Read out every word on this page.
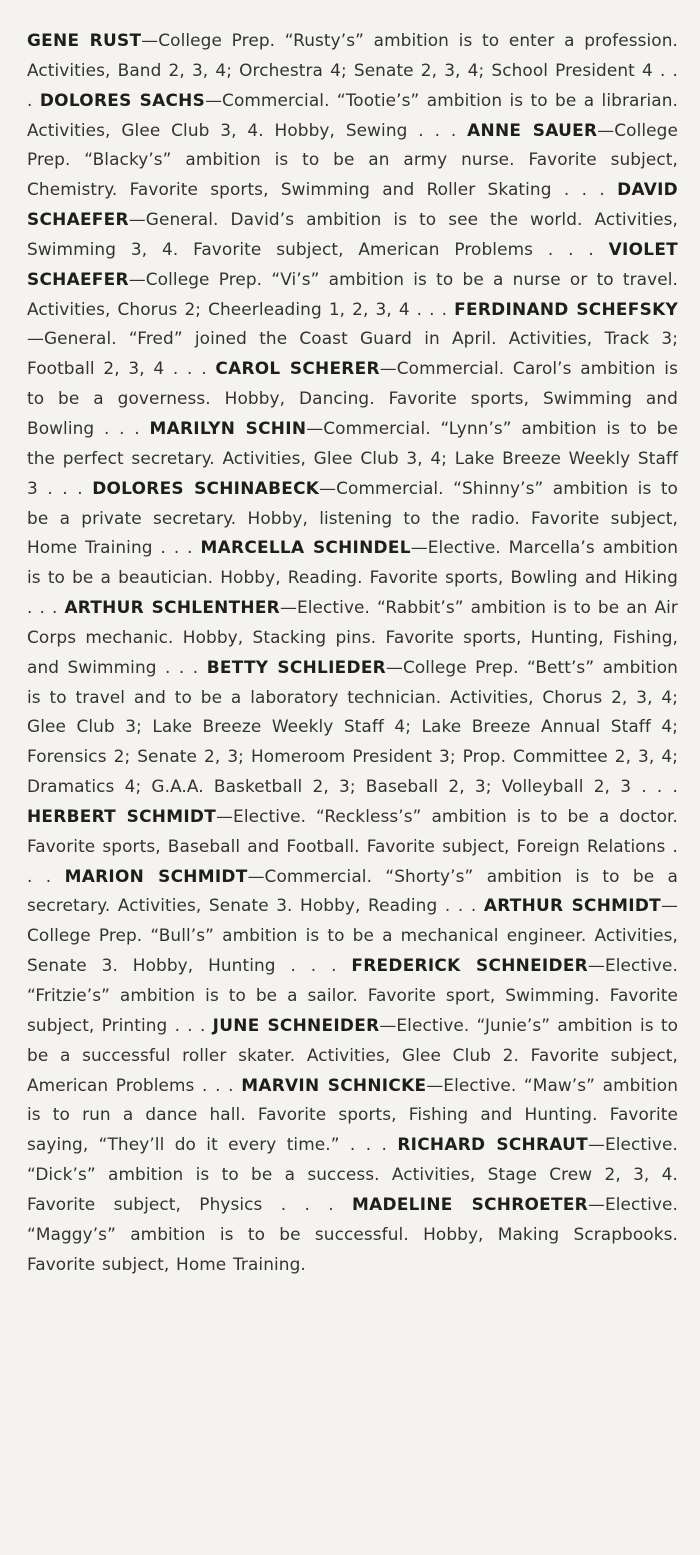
GENE RUST—College Prep. “Rusty’s” ambition is to enter a profession. Activities, Band 2, 3, 4; Orchestra 4; Senate 2, 3, 4; School President 4 . . . DOLORES SACHS—Commercial. “Tootie’s” ambition is to be a librarian. Activities, Glee Club 3, 4. Hobby, Sewing . . . ANNE SAUER—College Prep. “Blacky’s” ambition is to be an army nurse. Favorite subject, Chemistry. Favorite sports, Swimming and Roller Skating . . . DAVID SCHAEFER—General. David’s ambition is to see the world. Activities, Swimming 3, 4. Favorite subject, American Problems . . . VIOLET SCHAEFER—College Prep. “Vi’s” ambition is to be a nurse or to travel. Activities, Chorus 2; Cheerleading 1, 2, 3, 4 . . . FERDINAND SCHEFSKY—General. “Fred” joined the Coast Guard in April. Activities, Track 3; Football 2, 3, 4 . . . CAROL SCHERER—Commercial. Carol’s ambition is to be a governess. Hobby, Dancing. Favorite sports, Swimming and Bowling . . . MARILYN SCHIN—Commercial. “Lynn’s” ambition is to be the perfect secretary. Activities, Glee Club 3, 4; Lake Breeze Weekly Staff 3 . . . DOLORES SCHINABECK—Commercial. “Shinny’s” ambition is to be a private secretary. Hobby, listening to the radio. Favorite subject, Home Training . . . MARCELLA SCHINDEL—Elective. Marcella’s ambition is to be a beautician. Hobby, Reading. Favorite sports, Bowling and Hiking . . . ARTHUR SCHLENTHER—Elective. “Rabbit’s” ambition is to be an Air Corps mechanic. Hobby, Stacking pins. Favorite sports, Hunting, Fishing, and Swimming . . . BETTY SCHLIEDER—College Prep. “Bett’s” ambition is to travel and to be a laboratory technician. Activities, Chorus 2, 3, 4; Glee Club 3; Lake Breeze Weekly Staff 4; Lake Breeze Annual Staff 4; Forensics 2; Senate 2, 3; Homeroom President 3; Prop. Committee 2, 3, 4; Dramatics 4; G.A.A. Basketball 2, 3; Baseball 2, 3; Volleyball 2, 3 . . . HERBERT SCHMIDT—Elective. “Reckless’s” ambition is to be a doctor. Favorite sports, Baseball and Football. Favorite subject, Foreign Relations . . . MARION SCHMIDT—Commercial. “Shorty’s” ambition is to be a secretary. Activities, Senate 3. Hobby, Reading . . . ARTHUR SCHMIDT—College Prep. “Bull’s” ambition is to be a mechanical engineer. Activities, Senate 3. Hobby, Hunting . . . FREDERICK SCHNEIDER—Elective. “Fritzie’s” ambition is to be a sailor. Favorite sport, Swimming. Favorite subject, Printing . . . JUNE SCHNEIDER—Elective. “Junie’s” ambition is to be a successful roller skater. Activities, Glee Club 2. Favorite subject, American Problems . . . MARVIN SCHNICKE—Elective. “Maw’s” ambition is to run a dance hall. Favorite sports, Fishing and Hunting. Favorite saying, “They’ll do it every time.” . . . RICHARD SCHRAUT—Elective. “Dick’s” ambition is to be a success. Activities, Stage Crew 2, 3, 4. Favorite subject, Physics . . . MADELINE SCHROETER—Elective. “Maggy’s” ambition is to be successful. Hobby, Making Scrapbooks. Favorite subject, Home Training.
